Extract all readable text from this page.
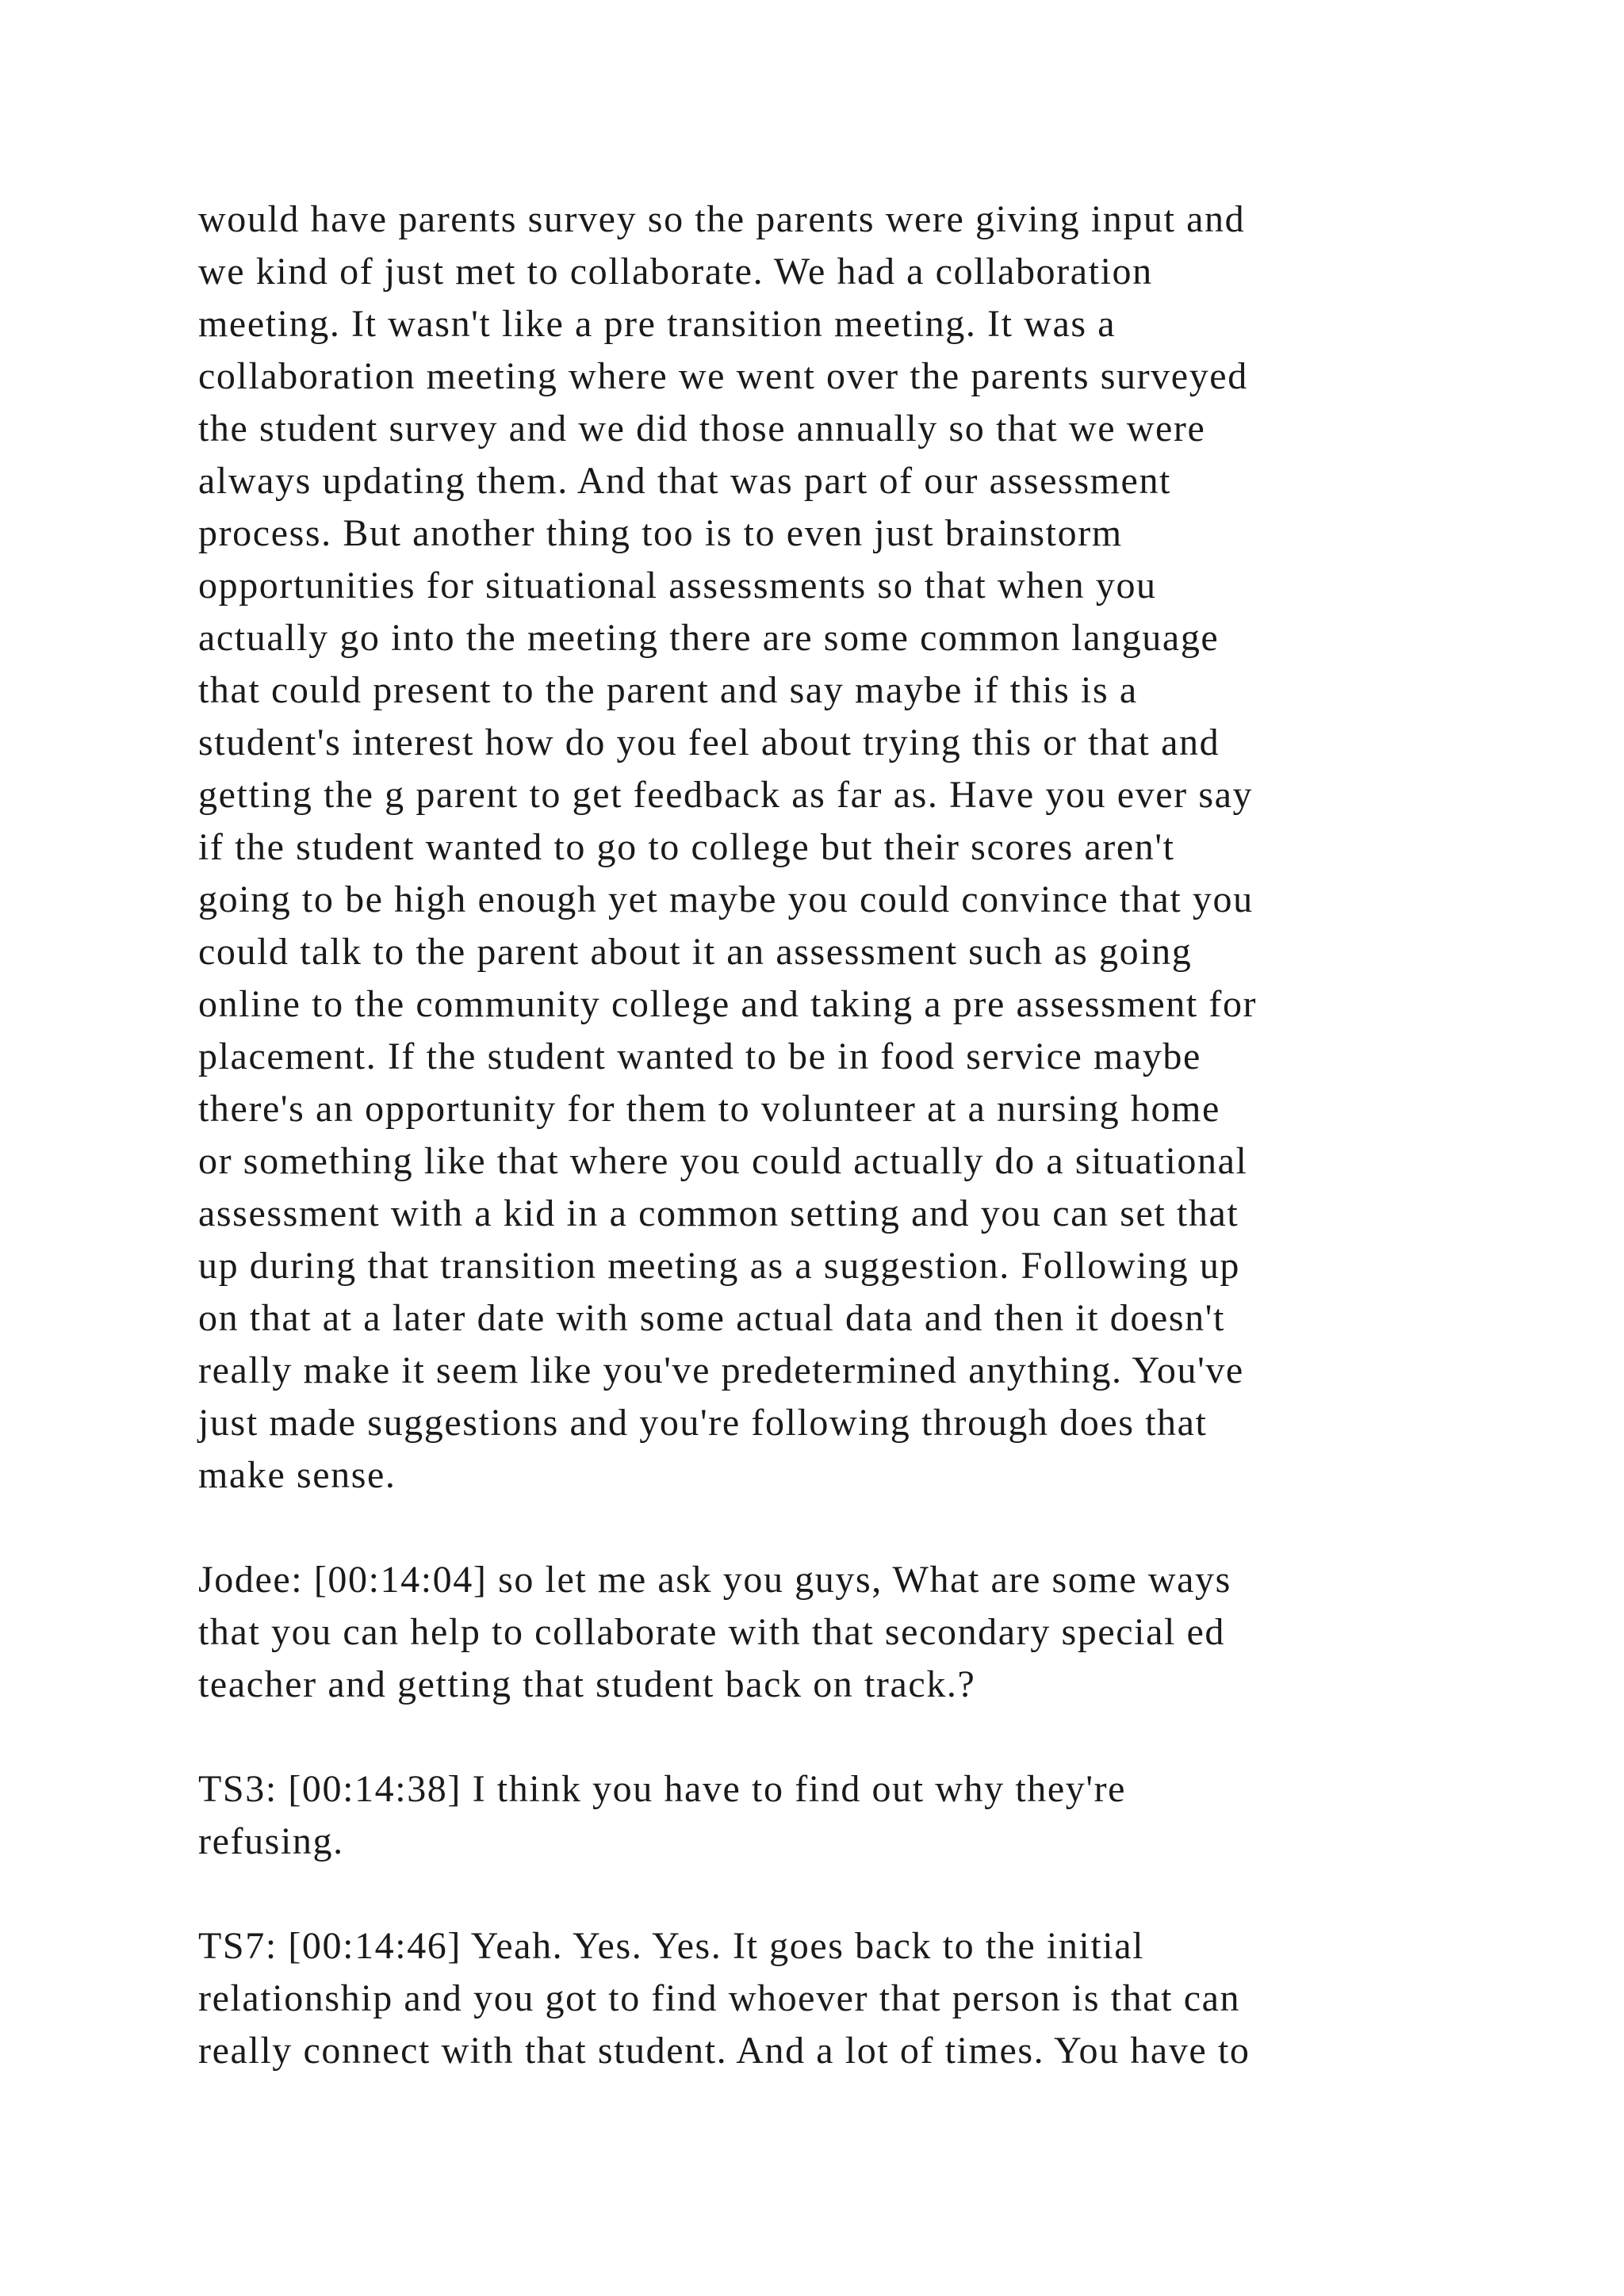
would have parents survey so the parents were giving input and
we kind of just met to collaborate. We had a collaboration
meeting. It wasn't like a pre transition meeting. It was a
collaboration meeting where we went over the parents surveyed
the student survey and we did those annually so that we were
always updating them. And that was part of our assessment
process. But another thing too is to even just brainstorm
opportunities for situational assessments so that when you
actually go into the meeting there are some common language
that could present to the parent and say maybe if this is a
student's interest how do you feel about trying this or that and
getting the g parent to get feedback as far as. Have you ever say
if the student wanted to go to college but their scores aren't
going to be high enough yet maybe you could convince that you
could talk to the parent about it an assessment such as going
online to the community college and taking a pre assessment for
placement. If the student wanted to be in food service maybe
there's an opportunity for them to volunteer at a nursing home
or something like that where you could actually do a situational
assessment with a kid in a common setting and you can set that
up during that transition meeting as a suggestion. Following up
on that at a later date with some actual data and then it doesn't
really make it seem like you've predetermined anything. You've
just made suggestions and you're following through does that
make sense.
Jodee: [00:14:04] so let me ask you guys, What are some ways
that you can help to collaborate with that secondary special ed
teacher and getting that student back on track.?
TS3: [00:14:38] I think you have to find out why they're
refusing.
TS7: [00:14:46] Yeah. Yes. Yes. It goes back to the initial
relationship and you got to find whoever that person is that can
really connect with that student. And a lot of times. You have to
